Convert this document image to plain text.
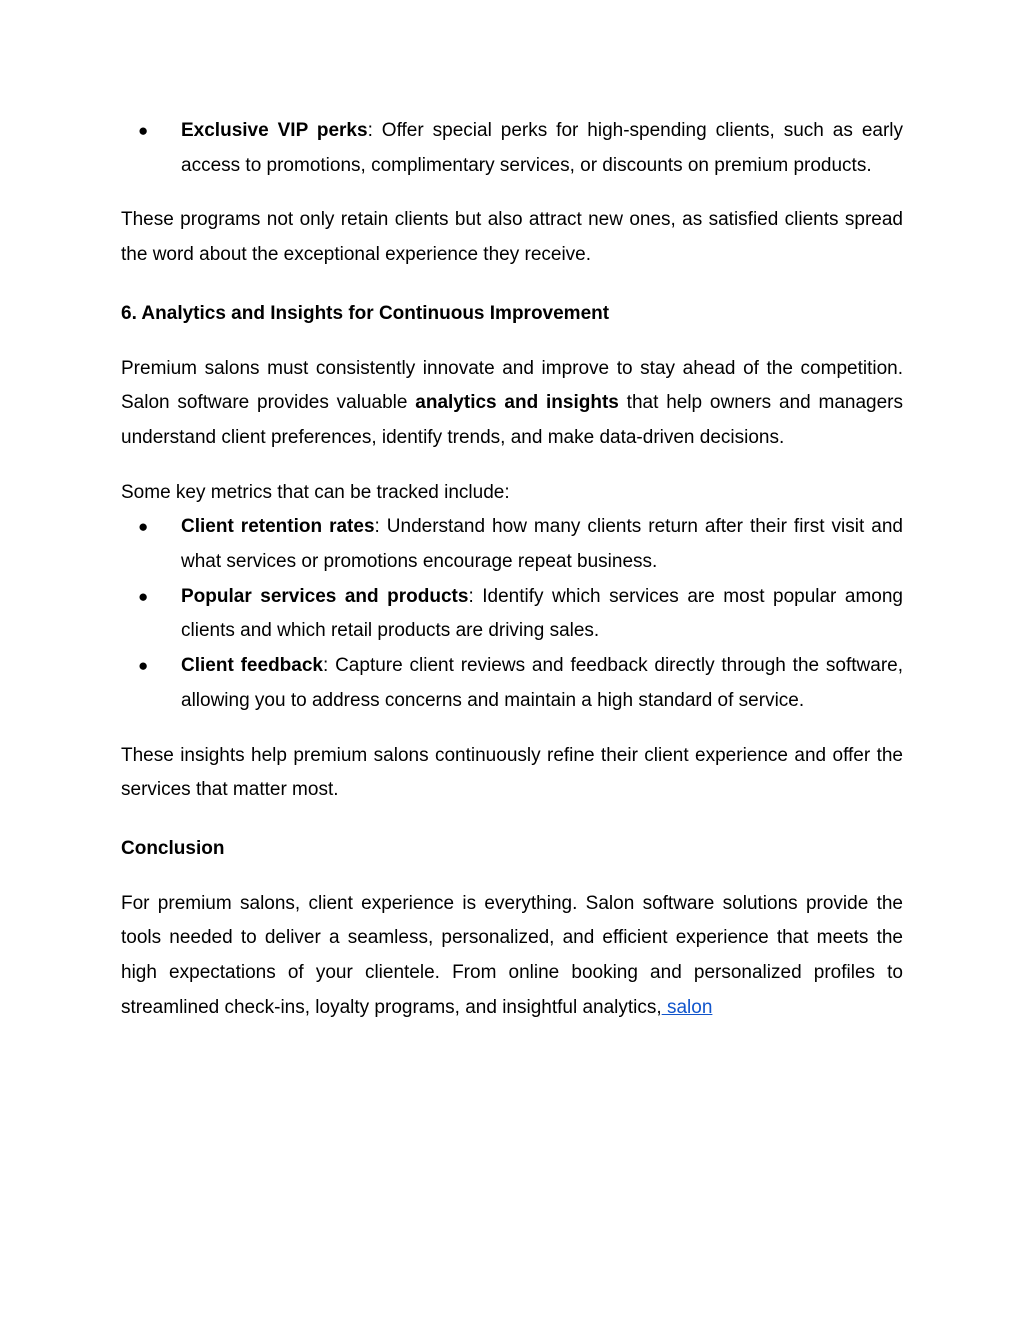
● Exclusive VIP perks: Offer special perks for high-spending clients, such as early access to promotions, complimentary services, or discounts on premium products.

These programs not only retain clients but also attract new ones, as satisfied clients spread the word about the exceptional experience they receive.

6. Analytics and Insights for Continuous Improvement

Premium salons must consistently innovate and improve to stay ahead of the competition. Salon software provides valuable analytics and insights that help owners and managers understand client preferences, identify trends, and make data-driven decisions.

Some key metrics that can be tracked include:

● Client retention rates: Understand how many clients return after their first visit and what services or promotions encourage repeat business.
● Popular services and products: Identify which services are most popular among clients and which retail products are driving sales.
● Client feedback: Capture client reviews and feedback directly through the software, allowing you to address concerns and maintain a high standard of service.

These insights help premium salons continuously refine their client experience and offer the services that matter most.

Conclusion

For premium salons, client experience is everything. Salon software solutions provide the tools needed to deliver a seamless, personalized, and efficient experience that meets the high expectations of your clientele. From online booking and personalized profiles to streamlined check-ins, loyalty programs, and insightful analytics, salon
